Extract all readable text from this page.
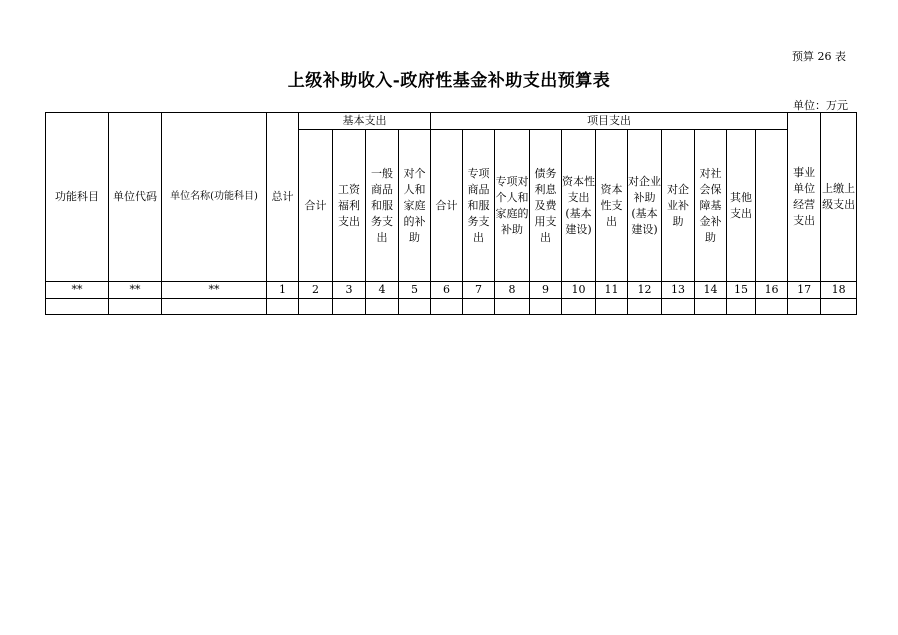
预算 26 表
上级补助收入-政府性基金补助支出预算表
单位：万元
功能科目	单位代码	单位名称(功能科目)	总计	基本支出				项目支出											事业单位经营支出	上缴上级支出	
				合计	工资福利支出	一般商品和服务支出	对个人和家庭的补助	合计	专项商品和服务支出	专项对个人和家庭的补助	债务利息及费用支出	资本性支出(基本建设)	资本性支出	对企业补助(基本建设)	对企业补助	对社会保障基金补助	其他支出				
**	**	**	1	2	3	4	5	6	7	8	9	10	11	12	13	14	15	16	17	18	
